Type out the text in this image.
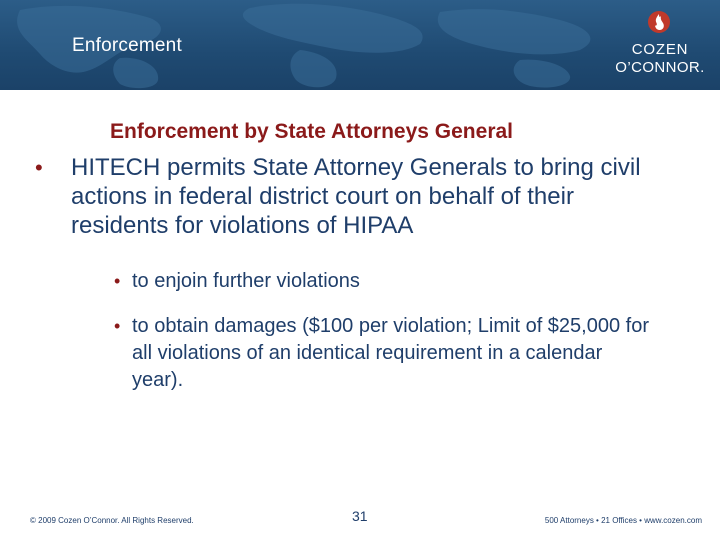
Enforcement	COZEN
O’CONNOR.
Enforcement by State Attorneys General
• HITECH permits State Attorney Generals to bring civil actions in federal district court on behalf of their residents for violations of HIPAA
• to enjoin further violations
• to obtain damages ($100 per violation; Limit of $25,000 for all violations of an identical requirement in a calendar year).
© 2009 Cozen O’Connor. All Rights Reserved.	31	500 Attorneys • 21 Offices • www.cozen.com
